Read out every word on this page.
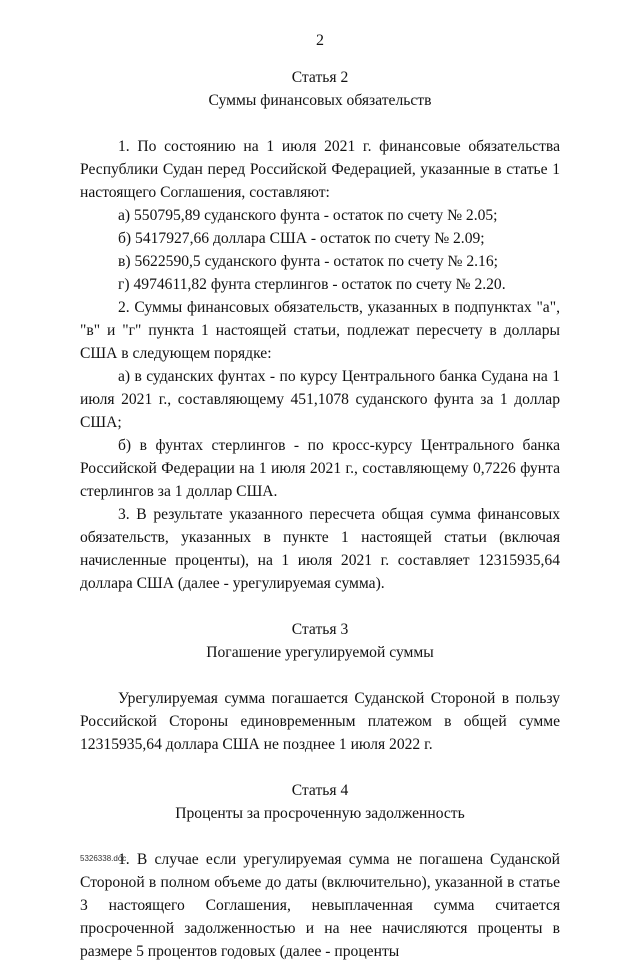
2
Статья 2
Суммы финансовых обязательств

1. По состоянию на 1 июля 2021 г. финансовые обязательства Республики Судан перед Российской Федерацией, указанные в статье 1 настоящего Соглашения, составляют:

а) 550795,89 суданского фунта - остаток по счету № 2.05;

б) 5417927,66 доллара США - остаток по счету № 2.09;

в) 5622590,5 суданского фунта - остаток по счету № 2.16;

г) 4974611,82 фунта стерлингов - остаток по счету № 2.20.

2. Суммы финансовых обязательств, указанных в подпунктах "а", "в" и "г" пункта 1 настоящей статьи, подлежат пересчету в доллары США в следующем порядке:

а) в суданских фунтах - по курсу Центрального банка Судана на 1 июля 2021 г., составляющему 451,1078 суданского фунта за 1 доллар США;

б) в фунтах стерлингов - по кросс-курсу Центрального банка Российской Федерации на 1 июля 2021 г., составляющему 0,7226 фунта стерлингов за 1 доллар США.

3. В результате указанного пересчета общая сумма финансовых обязательств, указанных в пункте 1 настоящей статьи (включая начисленные проценты), на 1 июля 2021 г. составляет 12315935,64 доллара США (далее - урегулируемая сумма).

Статья 3
Погашение урегулируемой суммы

Урегулируемая сумма погашается Суданской Стороной в пользу Российской Стороны единовременным платежом в общей сумме 12315935,64 доллара США не позднее 1 июля 2022 г.

Статья 4
Проценты за просроченную задолженность

1. В случае если урегулируемая сумма не погашена Суданской Стороной в полном объеме до даты (включительно), указанной в статье 3 настоящего Соглашения, невыплаченная сумма считается просроченной задолженностью и на нее начисляются проценты в размере 5 процентов годовых (далее - проценты

5326338.doc
